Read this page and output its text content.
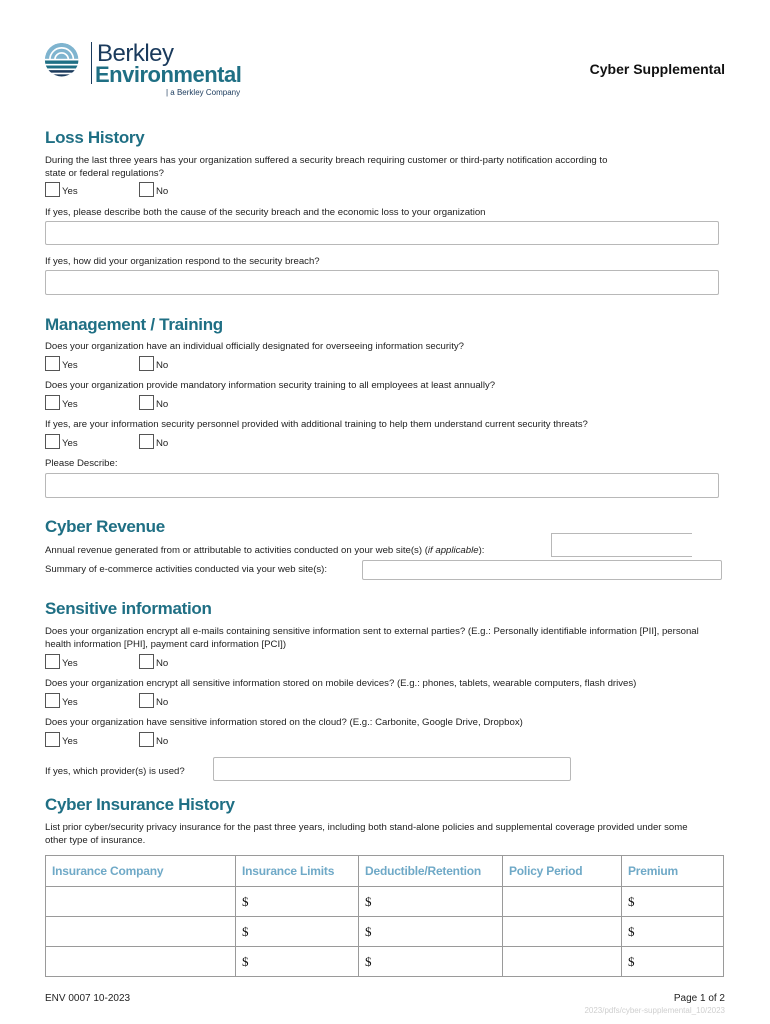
Berkley
Environmental
| a Berkley Company
Cyber Supplemental
Loss History
During the last three years has your organization suffered a security breach requiring customer or third-party notification according to state or federal regulations?
Yes	No
If yes, please describe both the cause of the security breach and the economic loss to your organization
If yes, how did your organization respond to the security breach?
Management / Training
Does your organization have an individual officially designated for overseeing information security?
Yes	No
Does your organization provide mandatory information security training to all employees at least annually?
Yes	No
If yes, are your information security personnel provided with additional training to help them understand current security threats?
Yes	No
Please Describe:
Cyber Revenue
Annual revenue generated from or attributable to activities conducted on your web site(s) (if applicable):
Summary of e-commerce activities conducted via your web site(s):
Sensitive information
Does your organization encrypt all e-mails containing sensitive information sent to external parties? (E.g.: Personally identifiable information [PII], personal health information [PHI], payment card information [PCI])
Yes	No
Does your organization encrypt all sensitive information stored on mobile devices? (E.g.: phones, tablets, wearable computers, flash drives)
Yes	No
Does your organization have sensitive information stored on the cloud? (E.g.: Carbonite, Google Drive, Dropbox)
Yes	No
If yes, which provider(s) is used?
Cyber Insurance History
List prior cyber/security privacy insurance for the past three years, including both stand-alone policies and supplemental coverage provided under some other type of insurance.
Insurance Company	Insurance Limits	Deductible/Retention	Policy Period	Premium
	$	$		$
	$	$		$
	$	$		$
ENV 0007 10-2023	Page 1 of 2
2023/pdfs/cyber-supplemental_10/2023
